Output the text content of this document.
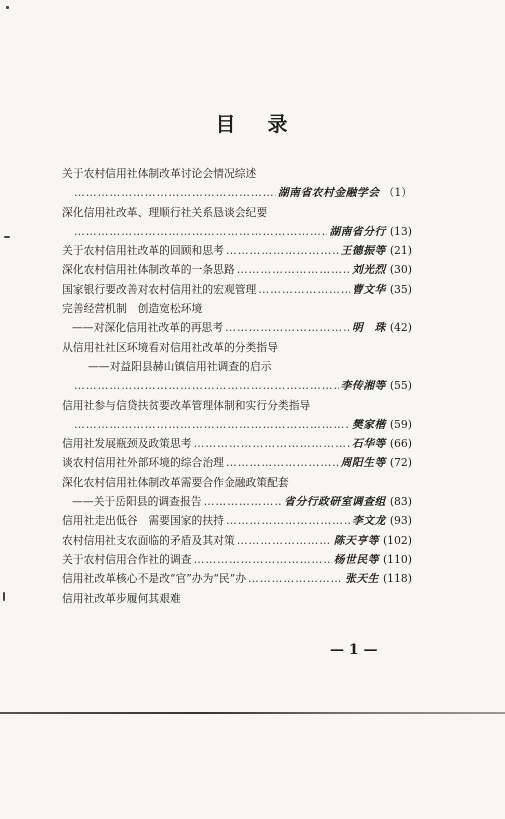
目 录
关于农村信用社体制改革讨论会情况综述
…………………………………………………………………………………………………………
湖南省农村金融学会 （1）
深化信用社改革、理顺行社关系恳谈会纪要
…………………………………………………………………………………………………………
湖南省分行 (13)
关于农村信用社改革的回顾和思考 …………………………………………………………………………………………………………	王德振等 (21)
深化农村信用社体制改革的一条思路 …………………………………………………………………………………………………………	刘光烈 (30)
国家银行要改善对农村信用社的宏观管理 …………………………………………………………………………………………………………	曹文华 (35)
完善经营机制　创造宽松环境
——对深化信用社改革的再思考 …………………………………………………………………………………………………………	明　珠 (42)
从信用社社区环境看对信用社改革的分类指导
——对益阳县赫山镇信用社调查的启示
…………………………………………………………………………………………………………
李传湘等 (55)
信用社参与信贷扶贫要改革管理体制和实行分类指导
…………………………………………………………………………………………………………
樊家楷 (59)
信用社发展瓶颈及政策思考 …………………………………………………………………………………………………………	石华等 (66)
谈农村信用社外部环境的综合治理 …………………………………………………………………………………………………………	周阳生等 (72)
深化农村信用社体制改革需要合作金融政策配套
——关于岳阳县的调查报告 …………………………………………………………………………………………………………	省分行政研室调查组 (83)
信用社走出低谷　需要国家的扶持 …………………………………………………………………………………………………………	李文龙 (93)
农村信用社支农面临的矛盾及其对策 …………………………………………………………………………………………………………	陈天亨等 (102)
关于农村信用合作社的调查 …………………………………………………………………………………………………………	杨世民等 (110)
信用社改革核心不是改“官”办为“民”办 …………………………………………………………………………………………………………	张天生 (118)
信用社改革步履何其艰难
— 1 —
